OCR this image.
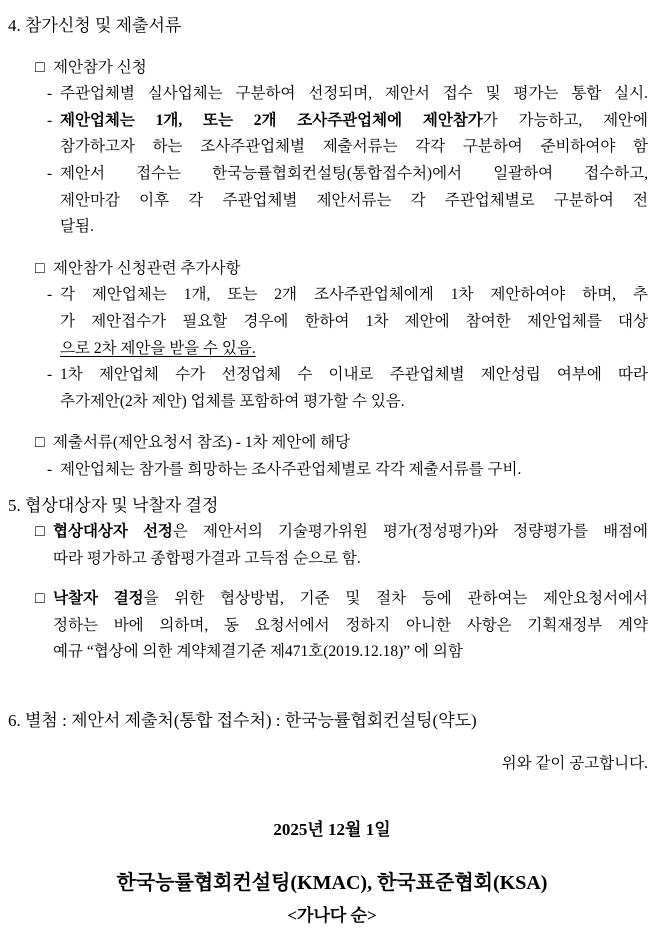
4. 참가신청 및 제출서류
□ 제안참가 신청
- 주관업체별 실사업체는 구분하여 선정되며, 제안서 접수 및 평가는 통합 실시.
- 제안업체는 1개, 또는 2개 조사주관업체에 제안참가가 가능하고, 제안에
참가하고자 하는 조사주관업체별 제출서류는 각각 구분하여 준비하여야 함
- 제안서 접수는 한국능률협회컨설팅(통합접수처)에서 일괄하여 접수하고,
제안마감 이후 각 주관업체별 제안서류는 각 주관업체별로 구분하여 전
달됨.
□ 제안참가 신청관련 추가사항
- 각 제안업체는 1개, 또는 2개 조사주관업체에게 1차 제안하여야 하며, 추
가 제안접수가 필요할 경우에 한하여 1차 제안에 참여한 제안업체를 대상
으로 2차 제안을 받을 수 있음.
- 1차 제안업체 수가 선정업체 수 이내로 주관업체별 제안성립 여부에 따라
추가제안(2차 제안) 업체를 포함하여 평가할 수 있음.
□ 제출서류(제안요청서 참조) - 1차 제안에 해당
- 제안업체는 참가를 희망하는 조사주관업체별로 각각 제출서류를 구비.
5. 협상대상자 및 낙찰자 결정
□ 협상대상자 선정은 제안서의 기술평가위원 평가(정성평가)와 정량평가를 배점에
따라 평가하고 종합평가결과 고득점 순으로 함.
□ 낙찰자 결정을 위한 협상방법, 기준 및 절차 등에 관하여는 제안요청서에서
정하는 바에 의하며, 동 요청서에서 정하지 아니한 사항은 기획재정부 계약
예규 “협상에 의한 계약체결기준 제471호(2019.12.18)” 에 의함
6. 별첨 : 제안서 제출처(통합 접수처) : 한국능률협회컨설팅(약도)
위와 같이 공고합니다.
2025년 12월 1일
한국능률협회컨설팅(KMAC), 한국표준협회(KSA)
<가나다 순>
